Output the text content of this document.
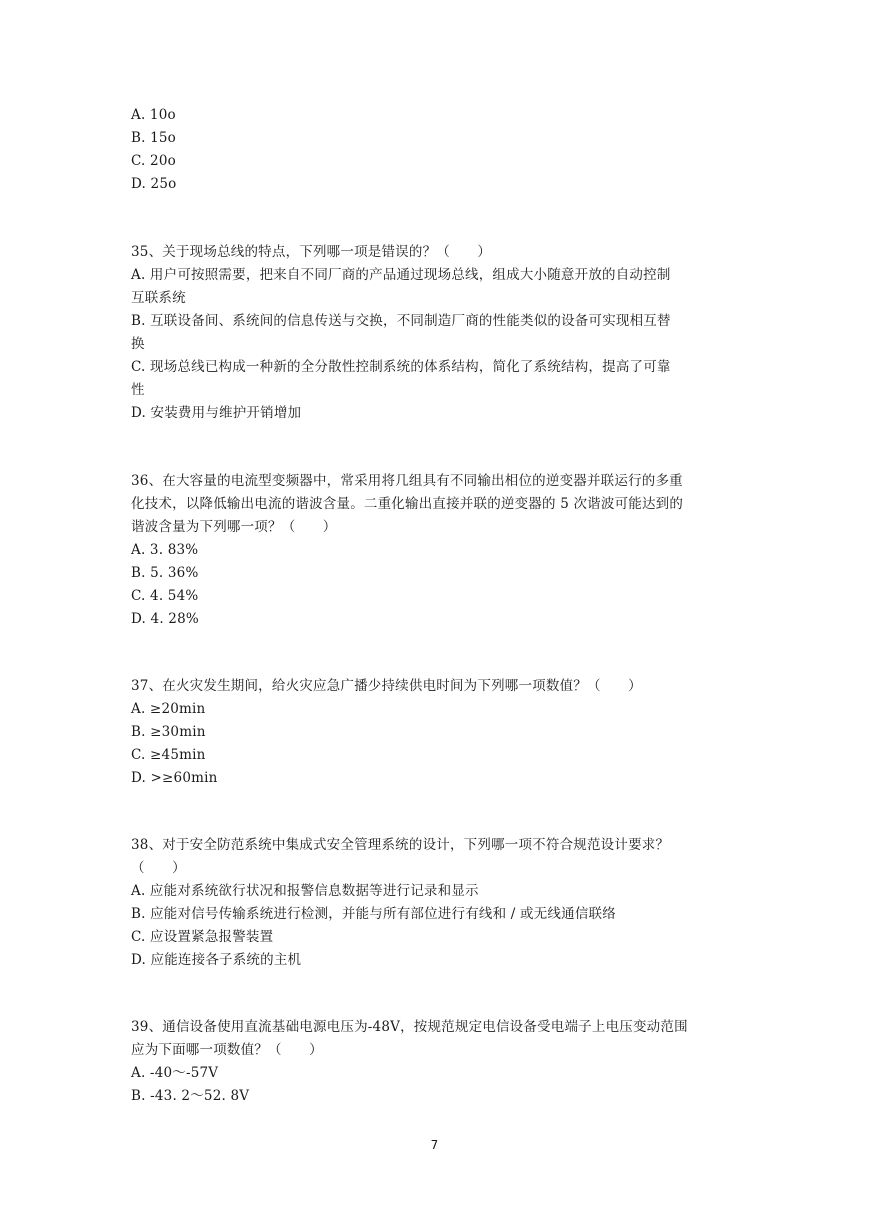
A. 10o
B. 15o
C. 20o
D. 25o
35、关于现场总线的特点，下列哪一项是错误的？（　　）
A. 用户可按照需要，把来自不同厂商的产品通过现场总线，组成大小随意开放的自动控制
互联系统
B. 互联设备间、系统间的信息传送与交换，不同制造厂商的性能类似的设备可实现相互替
换
C. 现场总线已构成一种新的全分散性控制系统的体系结构，简化了系统结构，提高了可靠
性
D. 安装费用与维护开销增加
36、在大容量的电流型变频器中，常采用将几组具有不同输出相位的逆变器并联运行的多重
化技术，以降低输出电流的谐波含量。二重化输出直接并联的逆变器的 5 次谐波可能达到的
谐波含量为下列哪一项？（　　）
A. 3. 83%
B. 5. 36%
C. 4. 54%
D. 4. 28%
37、在火灾发生期间，给火灾应急广播少持续供电时间为下列哪一项数值？（　　）
A. ≥20min
B. ≥30min
C. ≥45min
D. >≥60min
38、对于安全防范系统中集成式安全管理系统的设计，下列哪一项不符合规范设计要求？
（　　）
A. 应能对系统欲行状况和报警信息数据等进行记录和显示
B. 应能对信号传输系统进行检测，并能与所有部位进行有线和 / 或无线通信联络
C. 应设置紧急报警装置
D. 应能连接各子系统的主机
39、通信设备使用直流基础电源电压为-48V，按规范规定电信设备受电端子上电压变动范围
应为下面哪一项数值？（　　）
A. -40～-57V
B. -43. 2～52. 8V
7
